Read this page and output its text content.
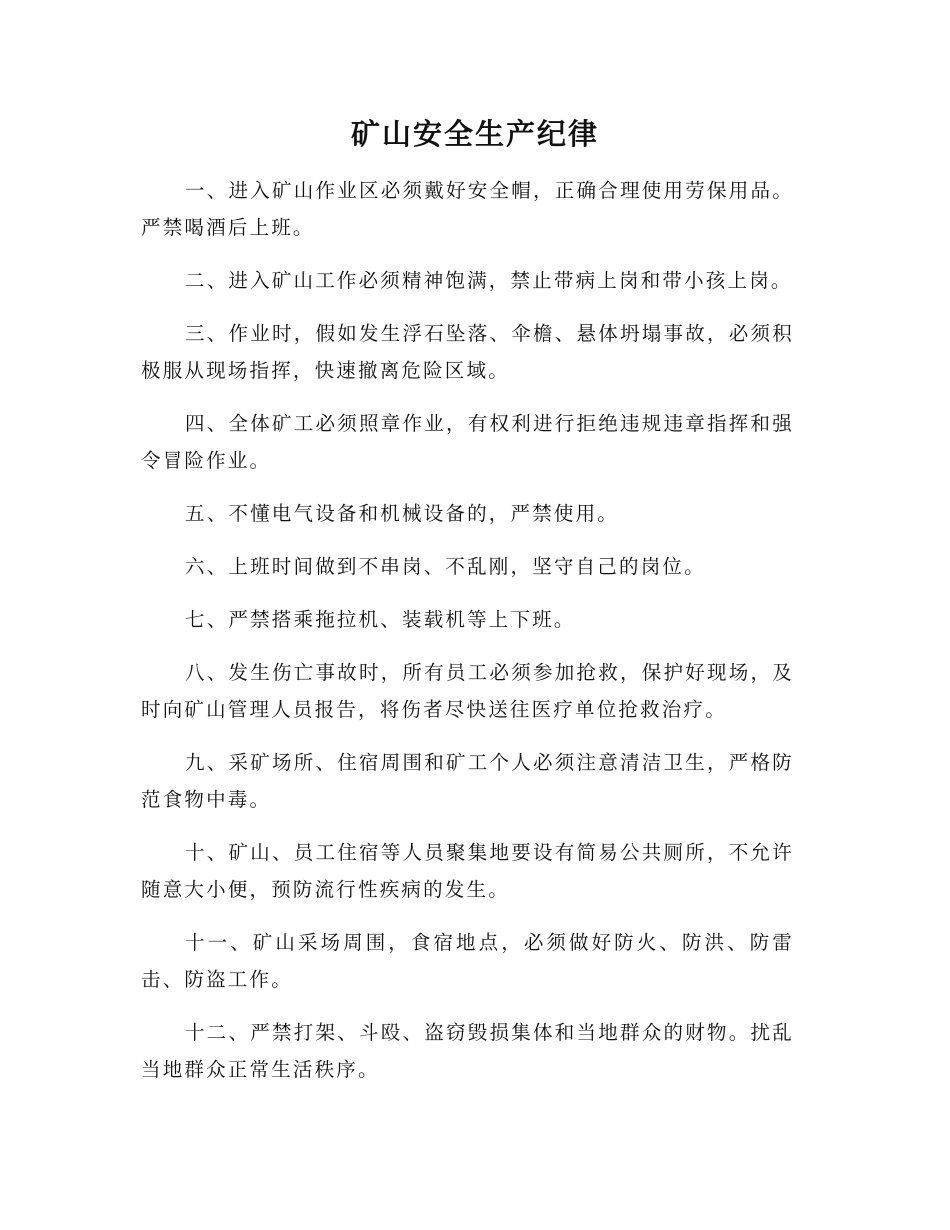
矿山安全生产纪律

一、进入矿山作业区必须戴好安全帽，正确合理使用劳保用品。严禁喝酒后上班。

二、进入矿山工作必须精神饱满，禁止带病上岗和带小孩上岗。

三、作业时，假如发生浮石坠落、伞檐、悬体坍塌事故，必须积极服从现场指挥，快速撤离危险区域。

四、全体矿工必须照章作业，有权利进行拒绝违规违章指挥和强令冒险作业。

五、不懂电气设备和机械设备的，严禁使用。

六、上班时间做到不串岗、不乱刚，坚守自己的岗位。

七、严禁搭乘拖拉机、装载机等上下班。

八、发生伤亡事故时，所有员工必须参加抢救，保护好现场，及时向矿山管理人员报告，将伤者尽快送往医疗单位抢救治疗。

九、采矿场所、住宿周围和矿工个人必须注意清洁卫生，严格防范食物中毒。

十、矿山、员工住宿等人员聚集地要设有简易公共厕所，不允许随意大小便，预防流行性疾病的发生。

十一、矿山采场周围，食宿地点，必须做好防火、防洪、防雷击、防盗工作。

十二、严禁打架、斗殴、盗窃毁损集体和当地群众的财物。扰乱当地群众正常生活秩序。
